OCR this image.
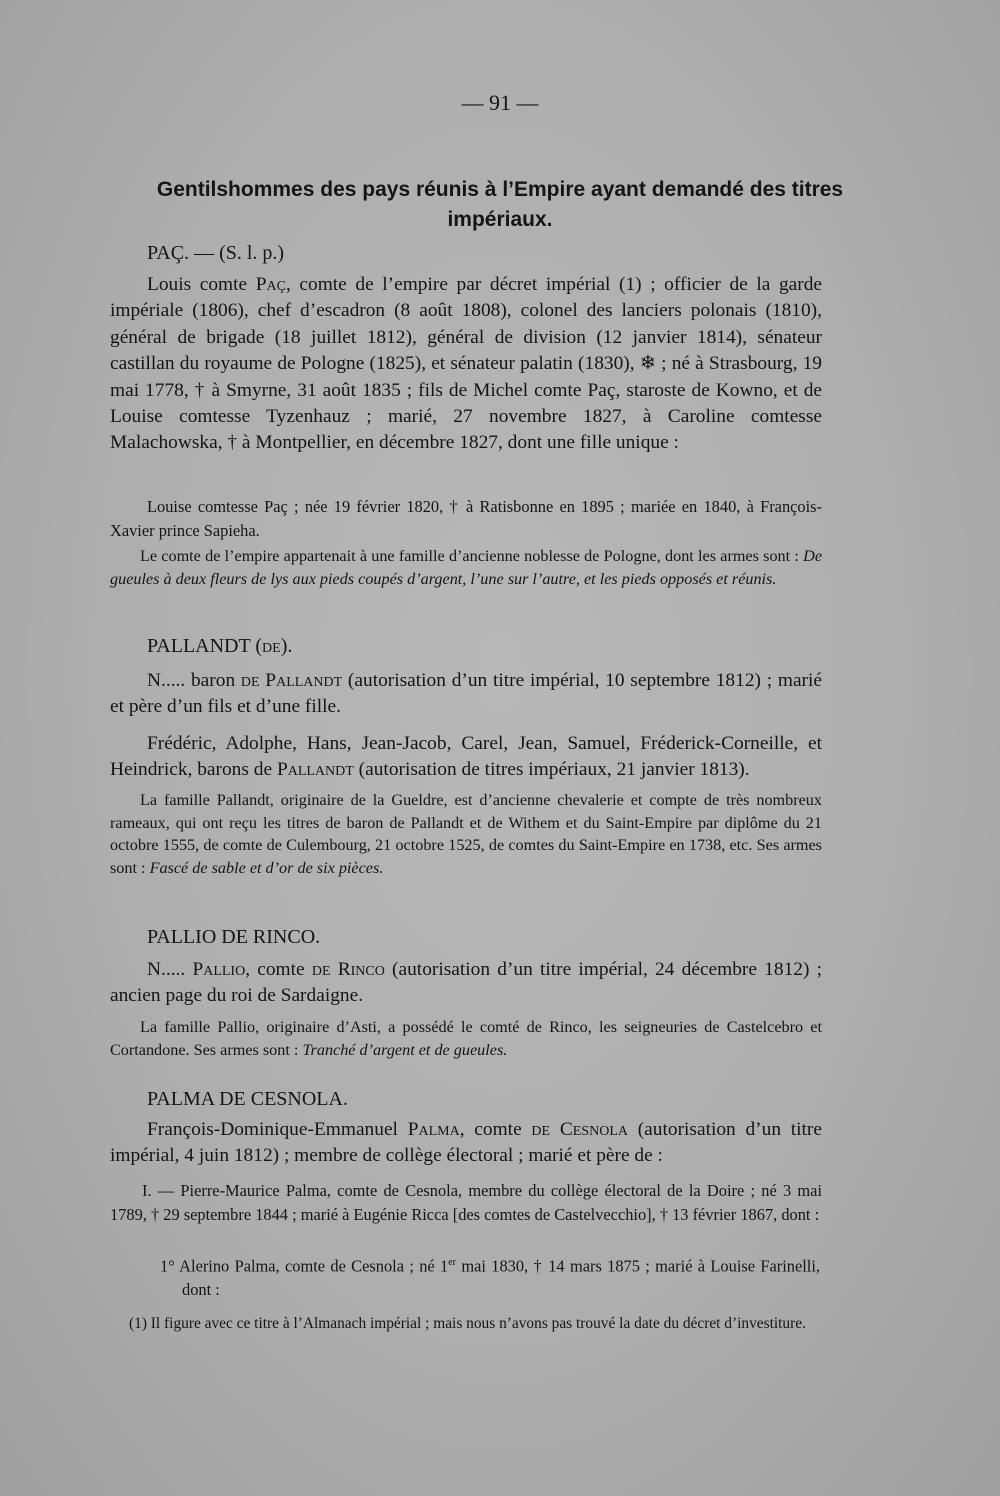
— 91 —
Gentilshommes des pays réunis à l’Empire ayant demandé des titres
impériaux.
PAÇ. — (S. l. p.)
Louis comte Paç, comte de l’empire par décret impérial (1) ; officier de la garde impériale (1806), chef d’escadron (8 août 1808), colonel des lanciers polonais (1810), général de brigade (18 juillet 1812), général de division (12 janvier 1814), sénateur castillan du royaume de Pologne (1825), et sénateur palatin (1830), ❄ ; né à Strasbourg, 19 mai 1778, † à Smyrne, 31 août 1835 ; fils de Michel comte Paç, staroste de Kowno, et de Louise comtesse Tyzenhauz ; marié, 27 novembre 1827, à Caroline comtesse Malachowska, † à Montpellier, en décembre 1827, dont une fille unique :
Louise comtesse Paç ; née 19 février 1820, † à Ratisbonne en 1895 ; mariée en 1840, à François-Xavier prince Sapieha.
Le comte de l’empire appartenait à une famille d’ancienne noblesse de Pologne, dont les armes sont : De gueules à deux fleurs de lys aux pieds coupés d’argent, l’une sur l’autre, et les pieds opposés et réunis.
PALLANDT (de).
N..... baron de Pallandt (autorisation d’un titre impérial, 10 septembre 1812) ; marié et père d’un fils et d’une fille.
Frédéric, Adolphe, Hans, Jean-Jacob, Carel, Jean, Samuel, Fréderick-Corneille, et Heindrick, barons de Pallandt (autorisation de titres impériaux, 21 janvier 1813).
La famille Pallandt, originaire de la Gueldre, est d’ancienne chevalerie et compte de très nombreux rameaux, qui ont reçu les titres de baron de Pallandt et de Withem et du Saint-Empire par diplôme du 21 octobre 1555, de comte de Culembourg, 21 octobre 1525, de comtes du Saint-Empire en 1738, etc. Ses armes sont : Fascé de sable et d’or de six pièces.
PALLIO DE RINCO.
N..... Pallio, comte de Rinco (autorisation d’un titre impérial, 24 décembre 1812) ; ancien page du roi de Sardaigne.
La famille Pallio, originaire d’Asti, a possédé le comté de Rinco, les seigneuries de Castelcebro et Cortandone. Ses armes sont : Tranché d’argent et de gueules.
PALMA DE CESNOLA.
François-Dominique-Emmanuel Palma, comte de Cesnola (autorisation d’un titre impérial, 4 juin 1812) ; membre de collège électoral ; marié et père de :
I. — Pierre-Maurice Palma, comte de Cesnola, membre du collège électoral de la Doire ; né 3 mai 1789, † 29 septembre 1844 ; marié à Eugénie Ricca [des comtes de Castelvecchio], † 13 février 1867, dont :
1° Alerino Palma, comte de Cesnola ; né 1er mai 1830, † 14 mars 1875 ; marié à Louise Farinelli, dont :
(1) Il figure avec ce titre à l’Almanach impérial ; mais nous n’avons pas trouvé la date du décret d’investiture.
